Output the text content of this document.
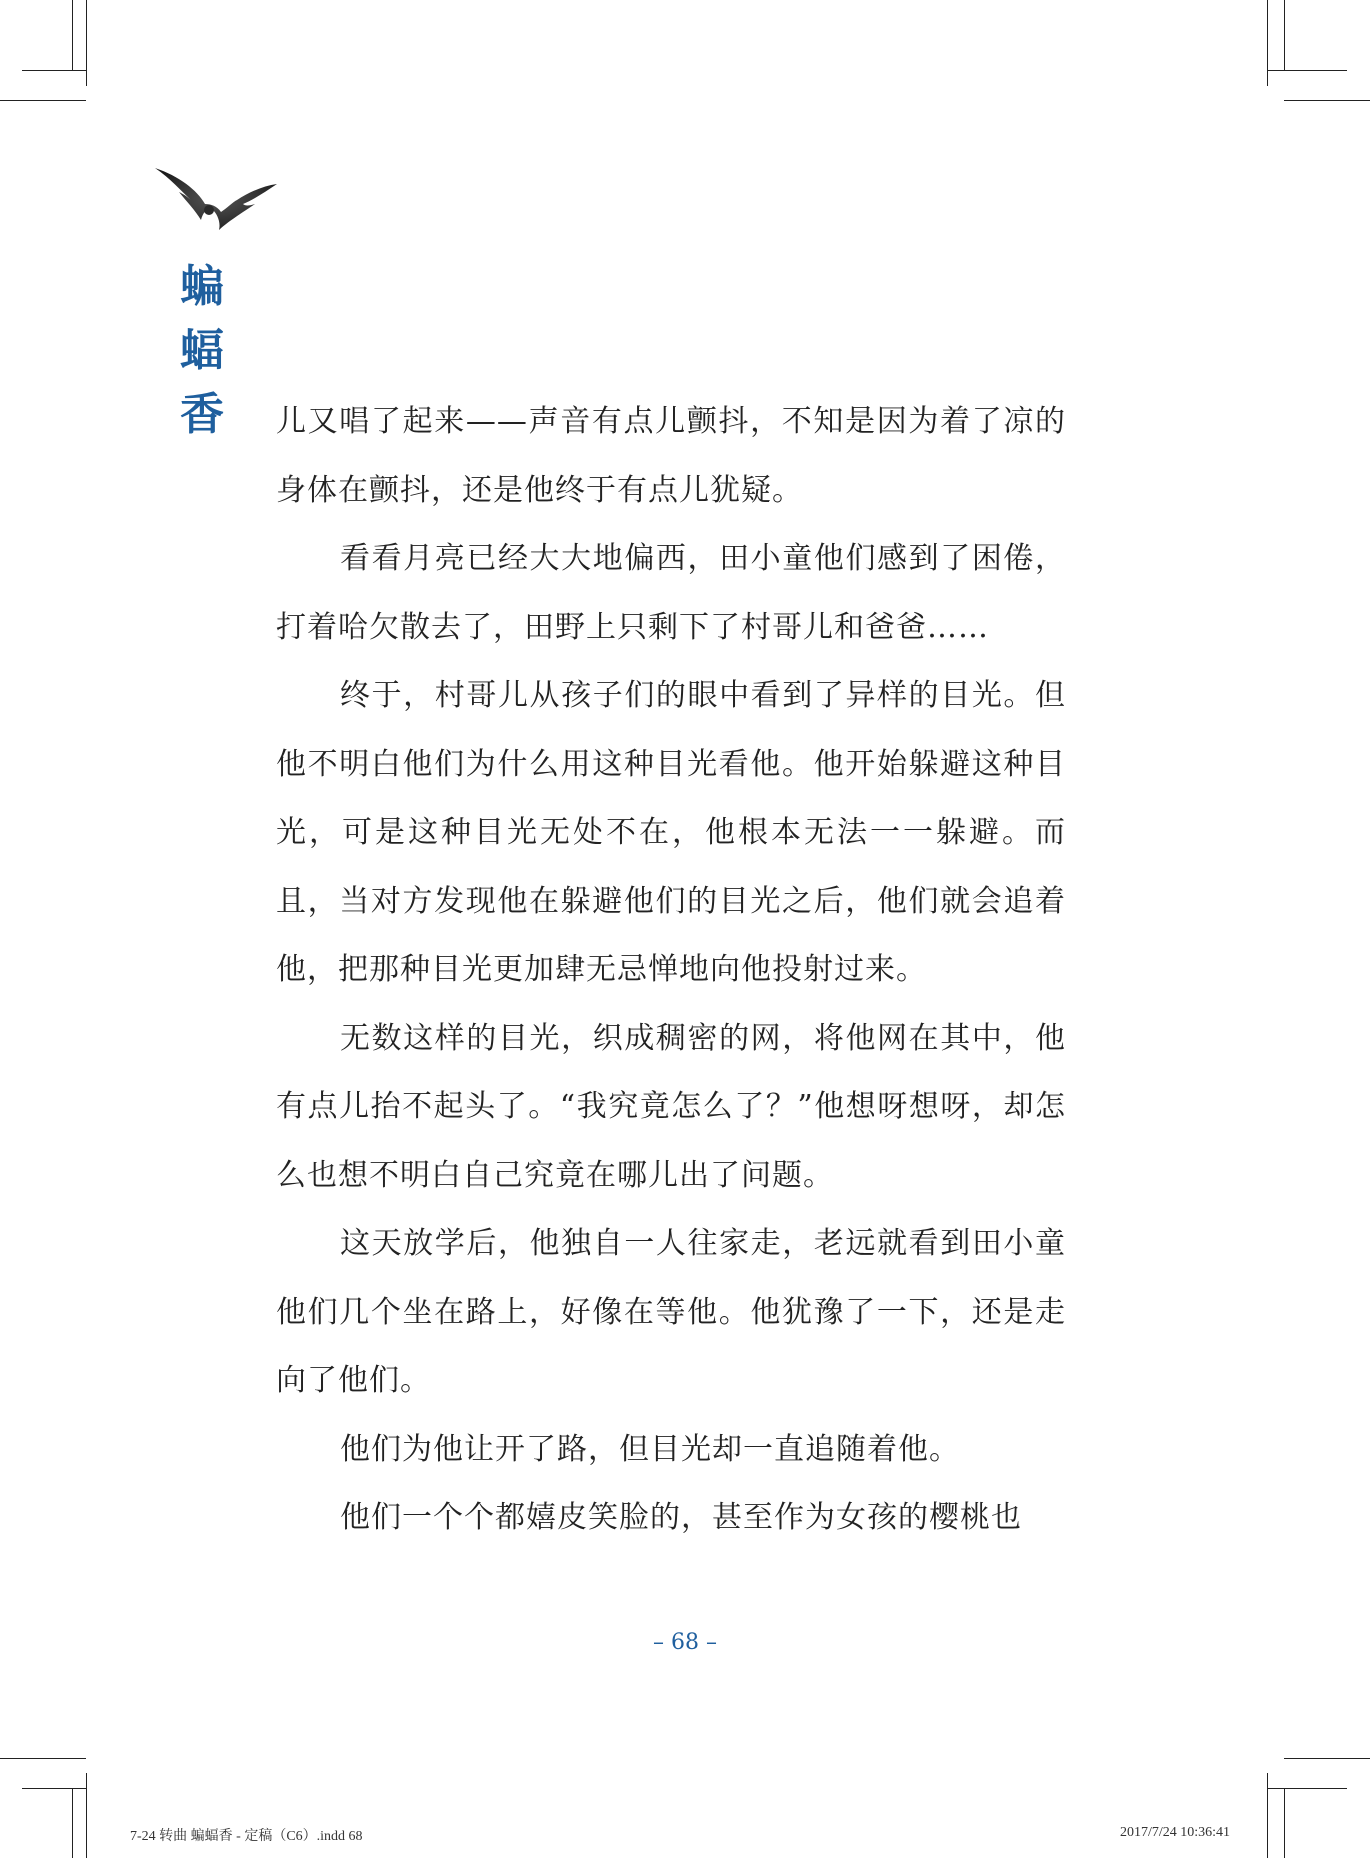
蝙
蝠
香 儿又唱了起来——声音有点儿颤抖，不知是因为着了凉的身体在颤抖，还是他终于有点儿犹疑。

看看月亮已经大大地偏西，田小童他们感到了困倦，打着哈欠散去了，田野上只剩下了村哥儿和爸爸……

终于，村哥儿从孩子们的眼中看到了异样的目光。但他不明白他们为什么用这种目光看他。他开始躲避这种目光，可是这种目光无处不在，他根本无法一一躲避。而且，当对方发现他在躲避他们的目光之后，他们就会追着他，把那种目光更加肆无忌惮地向他投射过来。

无数这样的目光，织成稠密的网，将他网在其中，他有点儿抬不起头了。“我究竟怎么了？”他想呀想呀，却怎么也想不明白自己究竟在哪儿出了问题。

这天放学后，他独自一人往家走，老远就看到田小童他们几个坐在路上，好像在等他。他犹豫了一下，还是走向了他们。

他们为他让开了路，但目光却一直追随着他。

他们一个个都嬉皮笑脸的，甚至作为女孩的樱桃也

– 68 –
7-24 转曲 蝙蝠香 - 定稿（C6）.indd 68	2017/7/24 10:36:41
